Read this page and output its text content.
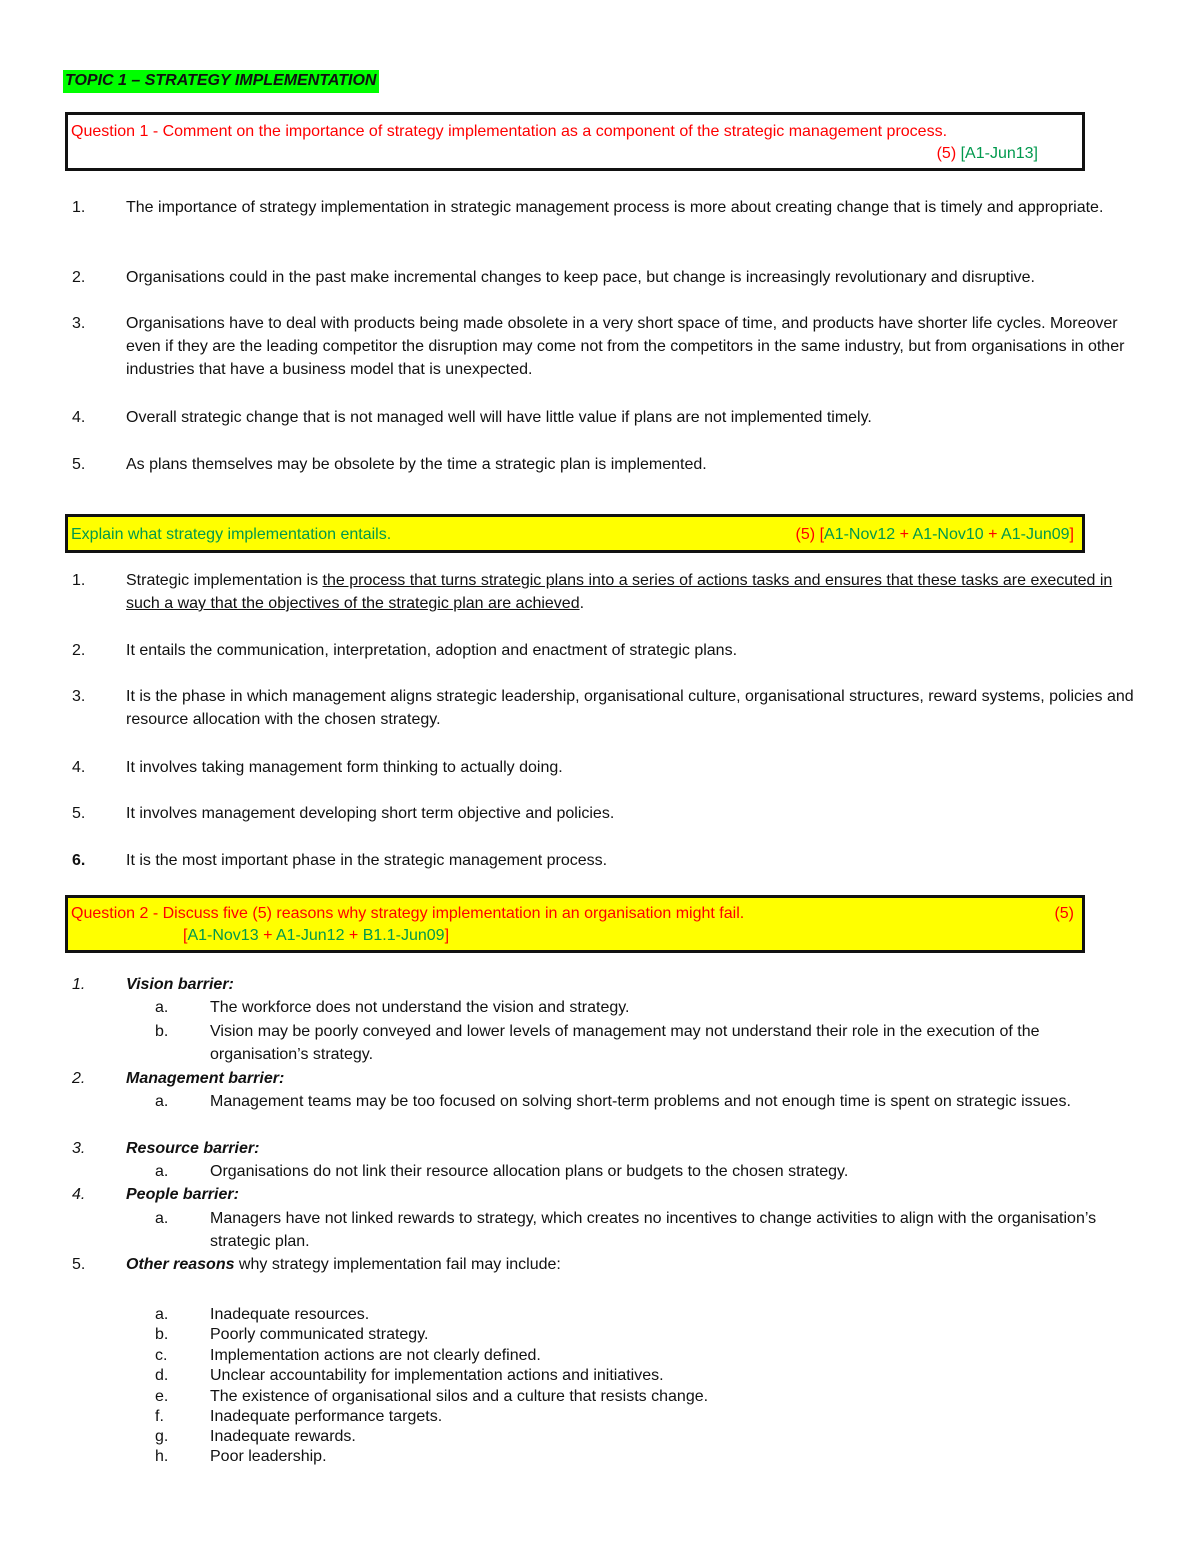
TOPIC 1 – STRATEGY IMPLEMENTATION
Question 1 - Comment on the importance of strategy implementation as a component of the strategic management process.
(5) [A1-Jun13]
1.	The importance of strategy implementation in strategic management process is more about creating change that is timely and appropriate.
2.	Organisations could in the past make incremental changes to keep pace, but change is increasingly revolutionary and disruptive.
3.	Organisations have to deal with products being made obsolete in a very short space of time, and products have shorter life cycles. Moreover even if they are the leading competitor the disruption may come not from the competitors in the same industry, but from organisations in other industries that have a business model that is unexpected.
4.	Overall strategic change that is not managed well will have little value if plans are not implemented timely.
5.	As plans themselves may be obsolete by the time a strategic plan is implemented.
Explain what strategy implementation entails.	(5) [A1-Nov12 + A1-Nov10 + A1-Jun09]
1.	Strategic implementation is the process that turns strategic plans into a series of actions tasks and ensures that these tasks are executed in such a way that the objectives of the strategic plan are achieved.
2.	It entails the communication, interpretation, adoption and enactment of strategic plans.
3.	It is the phase in which management aligns strategic leadership, organisational culture, organisational structures, reward systems, policies and resource allocation with the chosen strategy.
4.	It involves taking management form thinking to actually doing.
5.	It involves management developing short term objective and policies.
6.	It is the most important phase in the strategic management process.
Question 2 - Discuss five (5) reasons why strategy implementation in an organisation might fail.	(5)
[A1-Nov13 + A1-Jun12 + B1.1-Jun09]
1.	Vision barrier:
a.	The workforce does not understand the vision and strategy.
b.	Vision may be poorly conveyed and lower levels of management may not understand their role in the execution of the organisation’s strategy.
2.	Management barrier:
a.	Management teams may be too focused on solving short-term problems and not enough time is spent on strategic issues.
3.	Resource barrier:
a.	Organisations do not link their resource allocation plans or budgets to the chosen strategy.
4.	People barrier:
a.	Managers have not linked rewards to strategy, which creates no incentives to change activities to align with the organisation’s strategic plan.
5.	Other reasons why strategy implementation fail may include:
a.	Inadequate resources.
b.	Poorly communicated strategy.
c.	Implementation actions are not clearly defined.
d.	Unclear accountability for implementation actions and initiatives.
e.	The existence of organisational silos and a culture that resists change.
f.	Inadequate performance targets.
g.	Inadequate rewards.
h.	Poor leadership.
